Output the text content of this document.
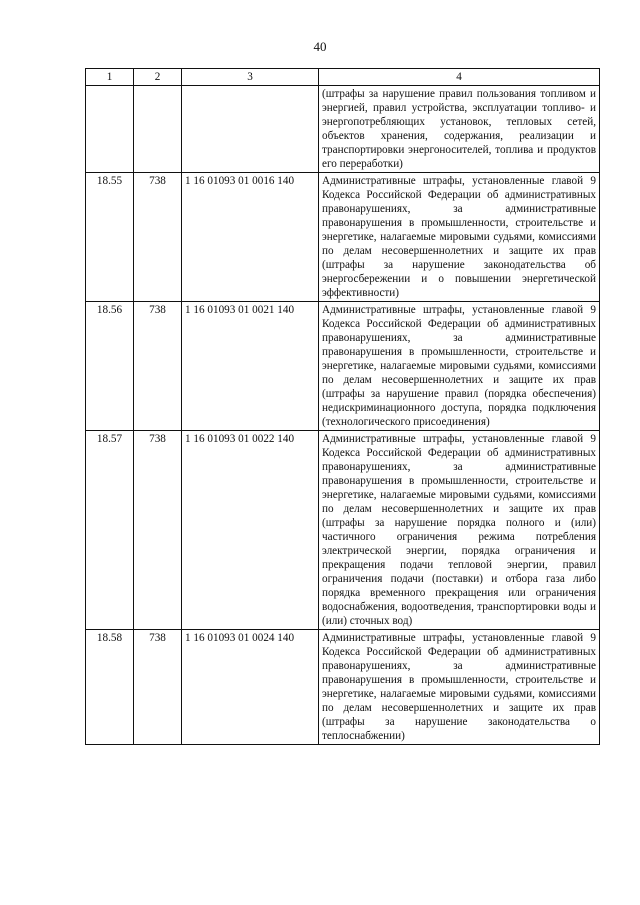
40
1	2	3	4
			(штрафы за нарушение правил пользования топливом и энергией, правил устройства, эксплуатации топливо- и энергопотребляющих установок, тепловых сетей, объектов хранения, содержания, реализации и транспортировки энергоносителей, топлива и продуктов его переработки)
18.55	738	1 16 01093 01 0016 140	Административные штрафы, установленные главой 9 Кодекса Российской Федерации об административных правонарушениях, за административные правонарушения в промышленности, строительстве и энергетике, налагаемые мировыми судьями, комиссиями по делам несовершеннолетних и защите их прав (штрафы за нарушение законодательства об энергосбережении и о повышении энергетической эффективности)
18.56	738	1 16 01093 01 0021 140	Административные штрафы, установленные главой 9 Кодекса Российской Федерации об административных правонарушениях, за административные правонарушения в промышленности, строительстве и энергетике, налагаемые мировыми судьями, комиссиями по делам несовершеннолетних и защите их прав (штрафы за нарушение правил (порядка обеспечения) недискриминационного доступа, порядка подключения (технологического присоединения)
18.57	738	1 16 01093 01 0022 140	Административные штрафы, установленные главой 9 Кодекса Российской Федерации об административных правонарушениях, за административные правонарушения в промышленности, строительстве и энергетике, налагаемые мировыми судьями, комиссиями по делам несовершеннолетних и защите их прав (штрафы за нарушение порядка полного и (или) частичного ограничения режима потребления электрической энергии, порядка ограничения и прекращения подачи тепловой энергии, правил ограничения подачи (поставки) и отбора газа либо порядка временного прекращения или ограничения водоснабжения, водоотведения, транспортировки воды и (или) сточных вод)
18.58	738	1 16 01093 01 0024 140	Административные штрафы, установленные главой 9 Кодекса Российской Федерации об административных правонарушениях, за административные правонарушения в промышленности, строительстве и энергетике, налагаемые мировыми судьями, комиссиями по делам несовершеннолетних и защите их прав (штрафы за нарушение законодательства о теплоснабжении)
